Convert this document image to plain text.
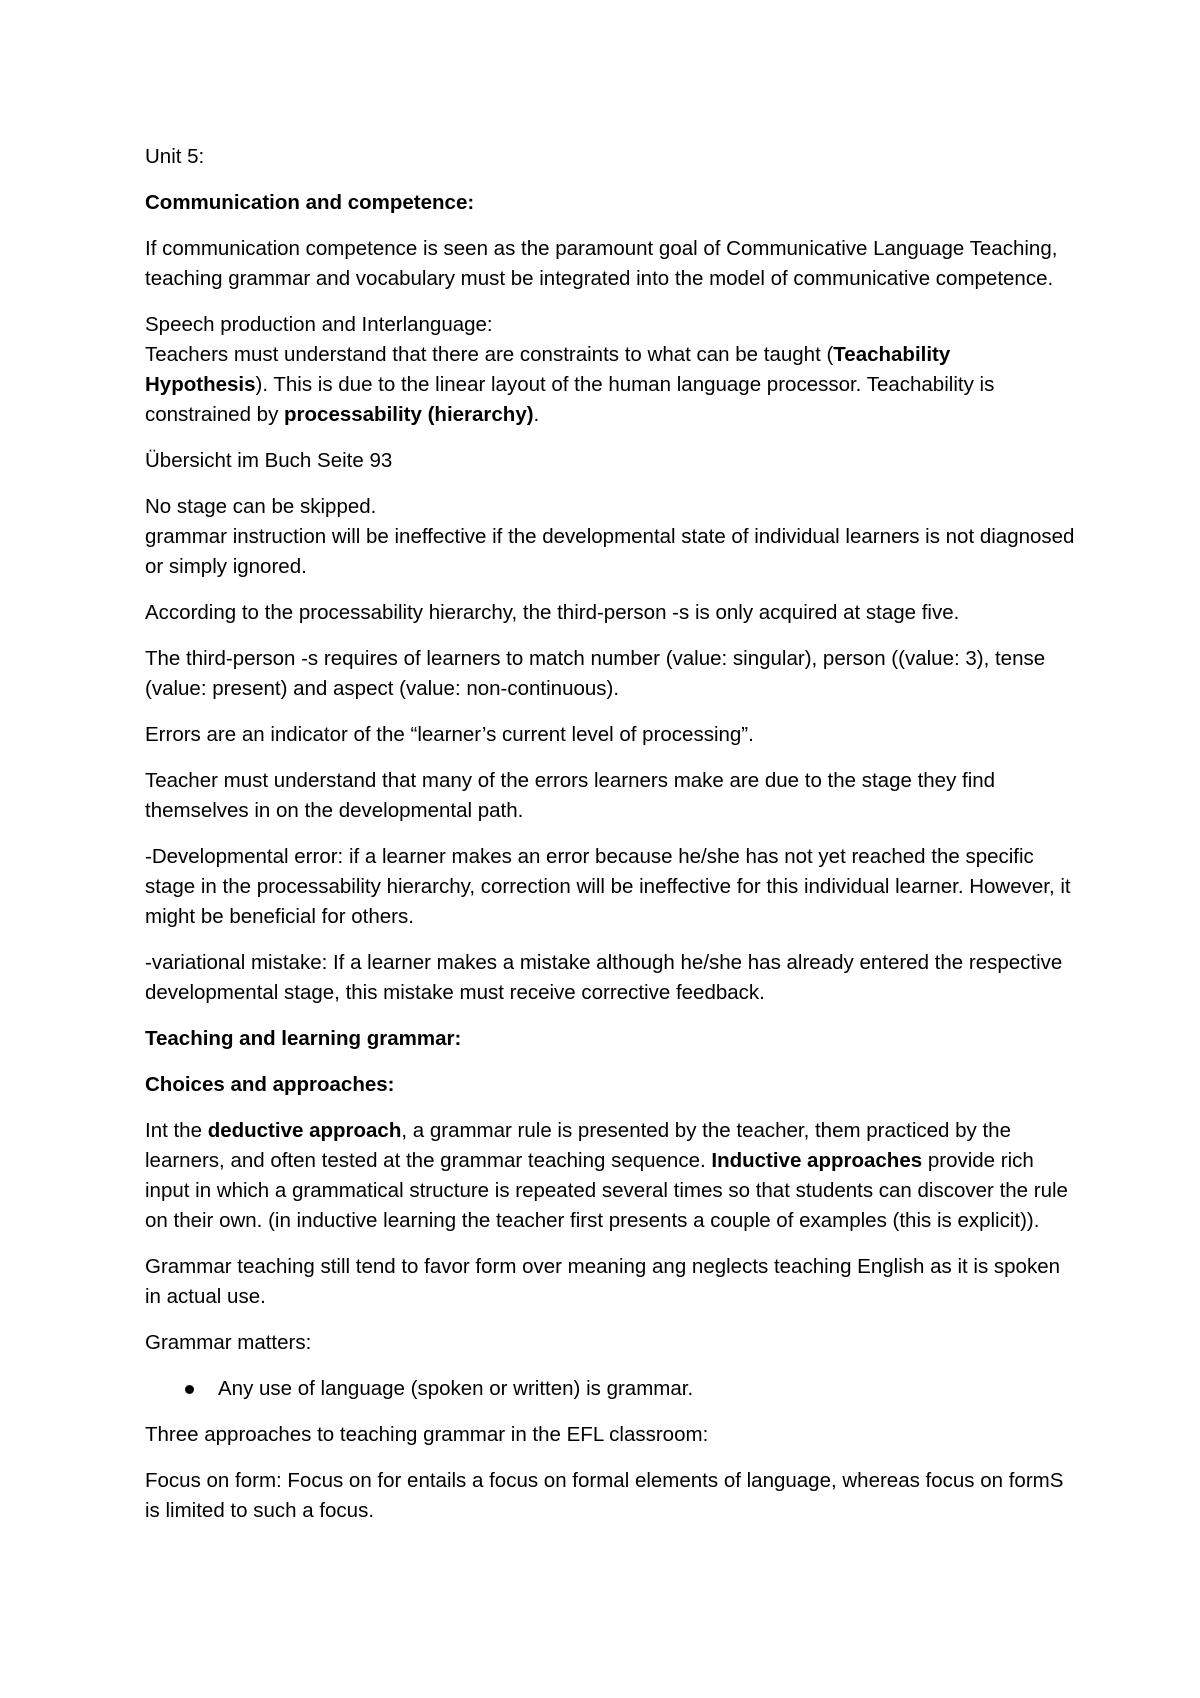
Unit 5:

Communication and competence:

If communication competence is seen as the paramount goal of Communicative Language Teaching, teaching grammar and vocabulary must be integrated into the model of communicative competence.

Speech production and Interlanguage:
Teachers must understand that there are constraints to what can be taught (Teachability Hypothesis). This is due to the linear layout of the human language processor. Teachability is constrained by processability (hierarchy).

Übersicht im Buch Seite 93

No stage can be skipped.
grammar instruction will be ineffective if the developmental state of individual learners is not diagnosed or simply ignored.

According to the processability hierarchy, the third-person -s is only acquired at stage five.

The third-person -s requires of learners to match number (value: singular), person ((value: 3), tense (value: present) and aspect (value: non-continuous).

Errors are an indicator of the “learner’s current level of processing”.

Teacher must understand that many of the errors learners make are due to the stage they find themselves in on the developmental path.

-Developmental error: if a learner makes an error because he/she has not yet reached the specific stage in the processability hierarchy, correction will be ineffective for this individual learner. However, it might be beneficial for others.

-variational mistake: If a learner makes a mistake although he/she has already entered the respective developmental stage, this mistake must receive corrective feedback.

Teaching and learning grammar:

Choices and approaches:

Int the deductive approach, a grammar rule is presented by the teacher, them practiced by the learners, and often tested at the grammar teaching sequence. Inductive approaches provide rich input in which a grammatical structure is repeated several times so that students can discover the rule on their own. (in inductive learning the teacher first presents a couple of examples (this is explicit)).

Grammar teaching still tend to favor form over meaning ang neglects teaching English as it is spoken in actual use.

Grammar matters:

Any use of language (spoken or written) is grammar.

Three approaches to teaching grammar in the EFL classroom:

Focus on form: Focus on for entails a focus on formal elements of language, whereas focus on formS is limited to such a focus.
